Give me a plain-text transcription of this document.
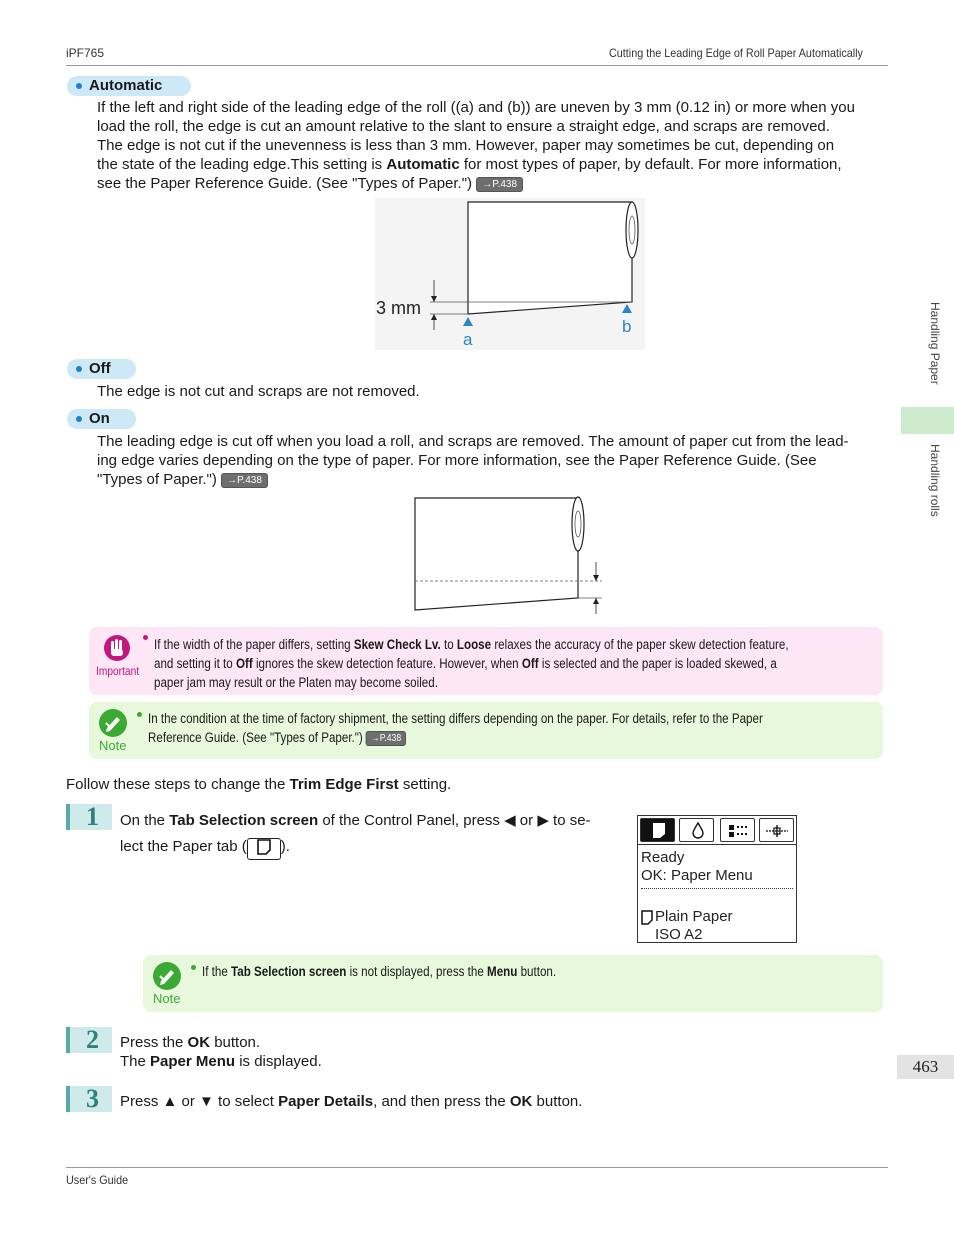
iPF765	Cutting the Leading Edge of Roll Paper Automatically
Automatic
If the left and right side of the leading edge of the roll ((a) and (b)) are uneven by 3 mm (0.12 in) or more when you
load the roll, the edge is cut an amount relative to the slant to ensure a straight edge, and scraps are removed.
The edge is not cut if the unevenness is less than 3 mm. However, paper may sometimes be cut, depending on
the state of the leading edge.This setting is Automatic for most types of paper, by default. For more information,
see the Paper Reference Guide. (See "Types of Paper.") →P.438
3 mm
a
b
Off
The edge is not cut and scraps are not removed.
On
The leading edge is cut off when you load a roll, and scraps are removed. The amount of paper cut from the lead-
ing edge varies depending on the type of paper. For more information, see the Paper Reference Guide. (See
"Types of Paper.") →P.438
Important
If the width of the paper differs, setting Skew Check Lv. to Loose relaxes the accuracy of the paper skew detection feature,
and setting it to Off ignores the skew detection feature. However, when Off is selected and the paper is loaded skewed, a
paper jam may result or the Platen may become soiled.
Note
In the condition at the time of factory shipment, the setting differs depending on the paper. For details, refer to the Paper
Reference Guide. (See "Types of Paper.") →P.438
Follow these steps to change the Trim Edge First setting.
1	On the Tab Selection screen of the Control Panel, press ◀ or ▶ to se-
lect the Paper tab ( ).
Ready
OK: Paper Menu
Plain Paper
ISO A2
Note
If the Tab Selection screen is not displayed, press the Menu button.
2	Press the OK button.
The Paper Menu is displayed.
3	Press ▲ or ▼ to select Paper Details, and then press the OK button.
Handling Paper
Handling rolls
463
User's Guide
